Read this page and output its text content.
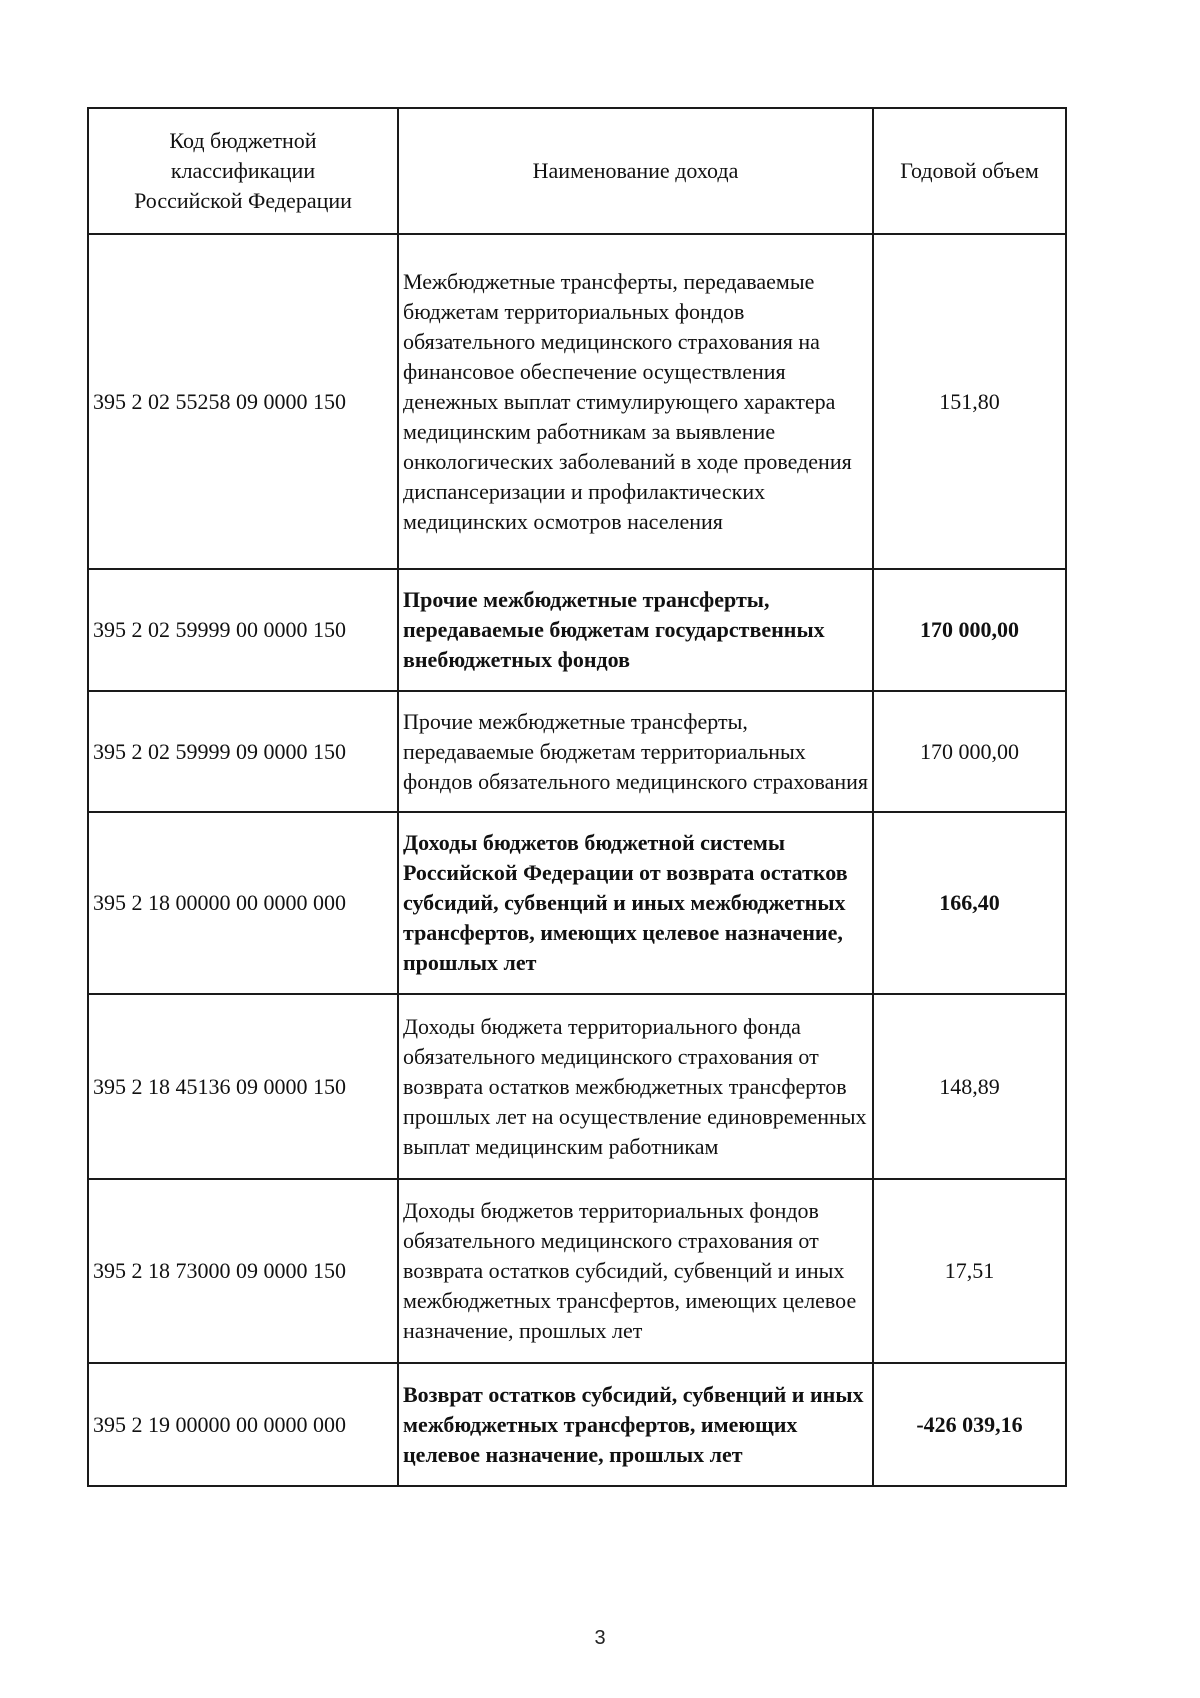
Код бюджетной классификации Российской Федерации	Наименование дохода	Годовой объем
395 2 02 55258 09 0000 150	Межбюджетные трансферты, передаваемые бюджетам территориальных фондов обязательного медицинского страхования на финансовое обеспечение осуществления денежных выплат стимулирующего характера медицинским работникам за выявление онкологических заболеваний в ходе проведения диспансеризации и профилактических медицинских осмотров населения	151,80
395 2 02 59999 00 0000 150	Прочие межбюджетные трансферты, передаваемые бюджетам государственных внебюджетных фондов	170 000,00
395 2 02 59999 09 0000 150	Прочие межбюджетные трансферты, передаваемые бюджетам территориальных фондов обязательного медицинского страхования	170 000,00
395 2 18 00000 00 0000 000	Доходы бюджетов бюджетной системы Российской Федерации от возврата остатков субсидий, субвенций и иных межбюджетных трансфертов, имеющих целевое назначение, прошлых лет	166,40
395 2 18 45136 09 0000 150	Доходы бюджета территориального фонда обязательного медицинского страхования от возврата остатков межбюджетных трансфертов прошлых лет на осуществление единовременных выплат медицинским работникам	148,89
395 2 18 73000 09 0000 150	Доходы бюджетов территориальных фондов обязательного медицинского страхования от возврата остатков субсидий, субвенций и иных межбюджетных трансфертов, имеющих целевое назначение, прошлых лет	17,51
395 2 19 00000 00 0000 000	Возврат остатков субсидий, субвенций и иных межбюджетных трансфертов, имеющих целевое назначение, прошлых лет	-426 039,16
3
